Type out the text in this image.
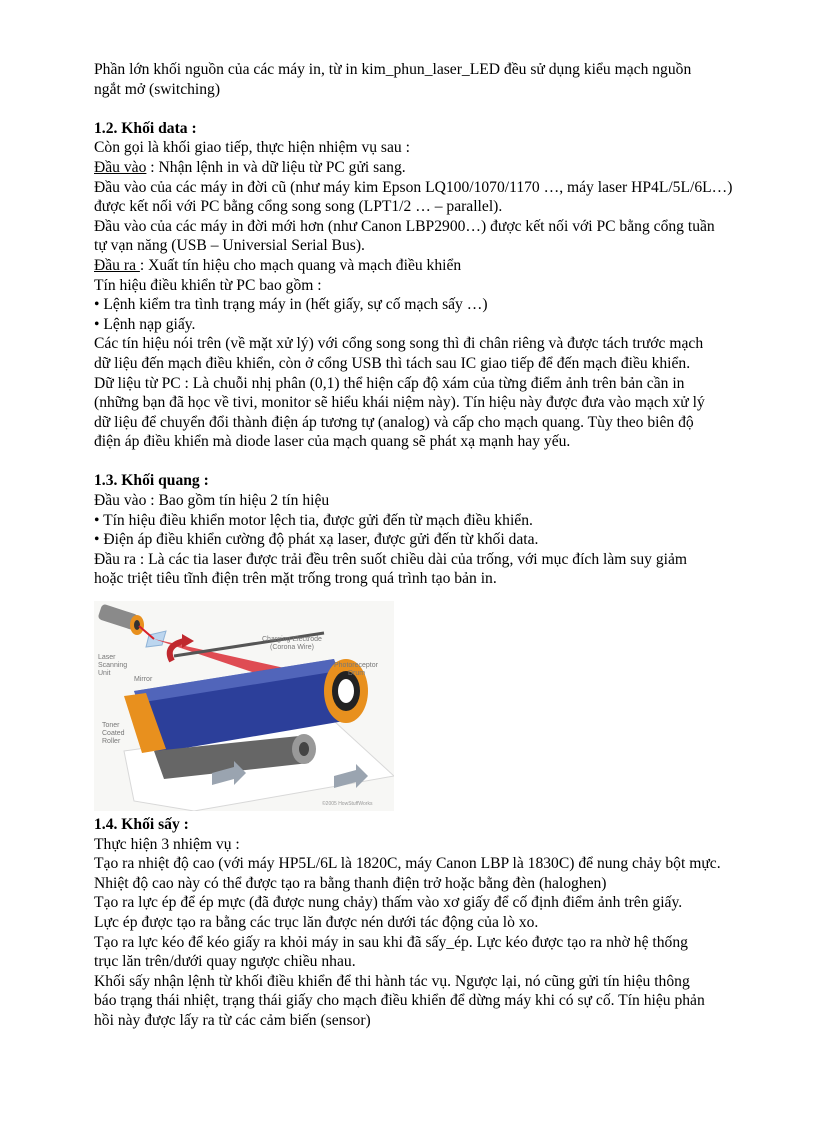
Phần lớn khối nguồn của các máy in, từ in kim_phun_laser_LED đều sử dụng kiểu mạch nguồn

ngắt mở (switching)

1.2. Khối data :

Còn gọi là khối giao tiếp, thực hiện nhiệm vụ sau :

Đầu vào : Nhận lệnh in và dữ liệu từ PC gửi sang.

Đầu vào của các máy in đời cũ (như máy kim Epson LQ100/1070/1170 …, máy laser HP4L/5L/6L…)

được kết nối với PC bằng cổng song song (LPT1/2 … – parallel).

Đầu vào của các máy in đời mới hơn (như Canon LBP2900…) được kết nối với PC bằng cổng tuần

tự vạn năng (USB – Universial Serial Bus).

Đầu ra : Xuất tín hiệu cho mạch quang và mạch điều khiển

Tín hiệu điều khiển từ PC bao gồm :

• Lệnh kiểm tra tình trạng máy in (hết giấy, sự cố mạch sấy …)

• Lệnh nạp giấy.

Các tín hiệu nói trên (về mặt xử lý) với cổng song song thì đi chân riêng và được tách trước mạch

dữ liệu đến mạch điều khiển, còn ở cổng USB thì tách sau IC giao tiếp để đến mạch điều khiển.

Dữ liệu từ PC : Là chuỗi nhị phân (0,1) thể hiện cấp độ xám của từng điểm ảnh trên bản cần in

(những bạn đã học về tivi, monitor sẽ hiểu khái niệm này). Tín hiệu này được đưa vào mạch xử lý

dữ liệu để chuyển đổi thành điện áp tương tự (analog) và cấp cho mạch quang. Tùy theo biên độ

điện áp điều khiển mà diode laser của mạch quang sẽ phát xạ mạnh hay yếu.

1.3. Khối quang :

Đầu vào : Bao gồm tín hiệu 2 tín hiệu

• Tín hiệu điều khiển motor lệch tia, được gửi đến từ mạch điều khiển.

• Điện áp điều khiển cường độ phát xạ laser, được gửi đến từ khối data.

Đầu ra : Là các tia laser được trải đều trên suốt chiều dài của trống, với mục đích làm suy giảm

hoặc triệt tiêu tĩnh điện trên mặt trống trong quá trình tạo bản in.

Laser
Scanning
Unit
Mirror
Charging Electrode
(Corona Wire)
Photoreceptor
Drum
Toner
Coated
Roller
©2005 HowStuffWorks

1.4. Khối sấy :

Thực hiện 3 nhiệm vụ :

Tạo ra nhiệt độ cao (với máy HP5L/6L là 1820C, máy Canon LBP là 1830C) để nung chảy bột mực.

Nhiệt độ cao này có thể được tạo ra bằng thanh điện trở hoặc bằng đèn (haloghen)

Tạo ra lực ép để ép mực (đã được nung chảy) thấm vào xơ giấy để cố định điểm ảnh trên giấy.

Lực ép được tạo ra bằng các trục lăn được nén dưới tác động của lò xo.

Tạo ra lực kéo để kéo giấy ra khỏi máy in sau khi đã sấy_ép. Lực kéo được tạo ra nhờ hệ thống

trục lăn trên/dưới quay ngược chiều nhau.

Khối sấy nhận lệnh từ khối điều khiển để thi hành tác vụ. Ngược lại, nó cũng gửi tín hiệu thông

báo trạng thái nhiệt, trạng thái giấy cho mạch điều khiển để dừng máy khi có sự cố. Tín hiệu phản

hồi này được lấy ra từ các cảm biến (sensor)
